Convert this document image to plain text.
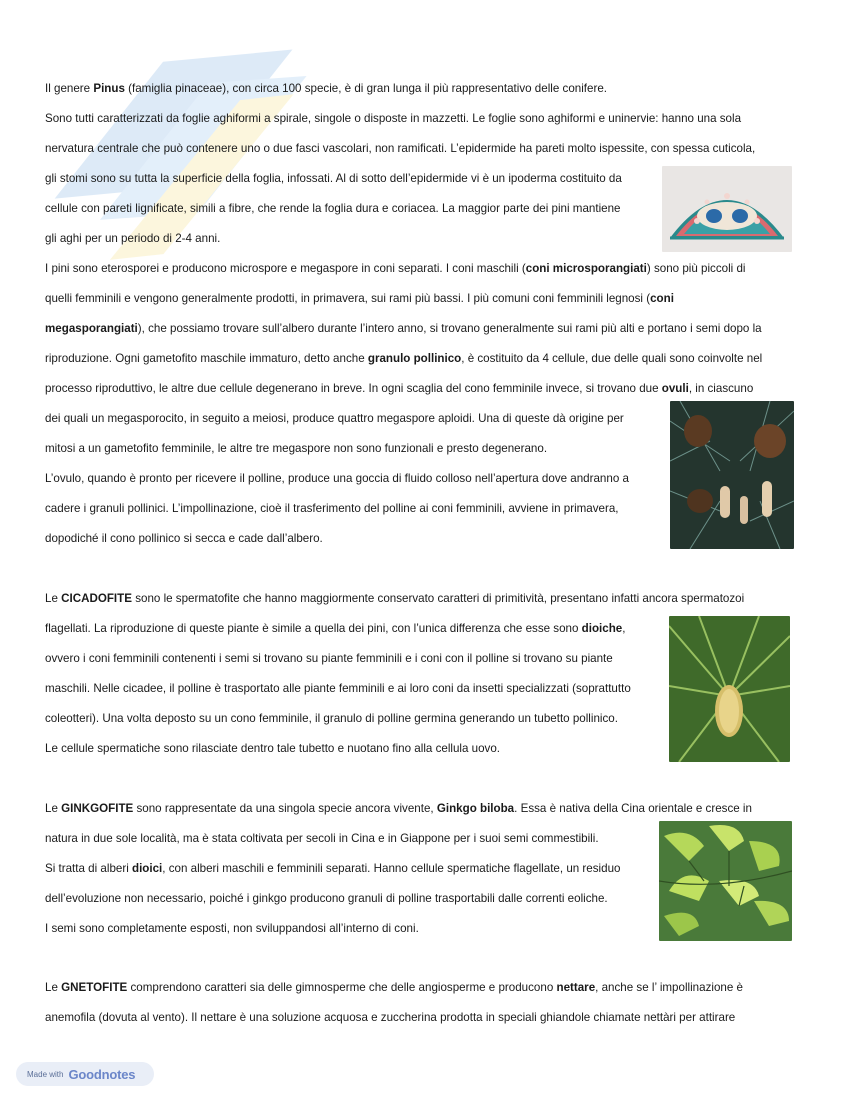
Il genere Pinus (famiglia pinaceae), con circa 100 specie, è di gran lunga il più rappresentativo delle conifere.
Sono tutti caratterizzati da foglie aghiformi a spirale, singole o disposte in mazzetti. Le foglie sono aghiformi e uninervie: hanno una sola
nervatura centrale che può contenere uno o due fasci vascolari, non ramificati. L’epidermide ha pareti molto ispessite, con spessa cuticola,
gli stomi sono su tutta la superficie della foglia, infossati. Al di sotto dell’epidermide vi è un ipoderma costituito da
cellule con pareti lignificate, simili a fibre, che rende la foglia dura e coriacea. La maggior parte dei pini mantiene
gli aghi per un periodo di 2-4 anni.
I pini sono eterosporei e producono microspore e megaspore in coni separati. I coni maschili (coni microsporangiati) sono più piccoli di
quelli femminili e vengono generalmente prodotti, in primavera, sui rami più bassi. I più comuni coni femminili legnosi (coni
megasporangiati), che possiamo trovare sull’albero durante l’intero anno, si trovano generalmente sui rami più alti e portano i semi dopo la
riproduzione. Ogni gametofito maschile immaturo, detto anche granulo pollinico, è costituito da 4 cellule, due delle quali sono coinvolte nel
processo riproduttivo, le altre due cellule degenerano in breve. In ogni scaglia del cono femminile invece, si trovano due ovuli, in ciascuno
dei quali un megasporocito, in seguito a meiosi, produce quattro megaspore aploidi. Una di queste dà origine per
mitosi a un gametofito femminile, le altre tre megaspore non sono funzionali e presto degenerano.
L’ovulo, quando è pronto per ricevere il polline, produce una goccia di fluido colloso nell’apertura dove andranno a
cadere i granuli pollinici. L’impollinazione, cioè il trasferimento del polline ai coni femminili, avviene in primavera,
dopodiché il cono pollinico si secca e cade dall’albero.
Le CICADOFITE sono le spermatofite che hanno maggiormente conservato caratteri di primitività, presentano infatti ancora spermatozoi
flagellati. La riproduzione di queste piante è simile a quella dei pini, con l’unica differenza che esse sono dioiche,
ovvero i coni femminili contenenti i semi si trovano su piante femminili e i coni con il polline si trovano su piante
maschili. Nelle cicadee, il polline è trasportato alle piante femminili e ai loro coni da insetti specializzati (soprattutto
coleotteri). Una volta deposto su un cono femminile, il granulo di polline germina generando un tubetto pollinico.
Le cellule spermatiche sono rilasciate dentro tale tubetto e nuotano fino alla cellula uovo.
Le GINKGOFITE sono rappresentate da una singola specie ancora vivente, Ginkgo biloba. Essa è nativa della Cina orientale e cresce in
natura in due sole località, ma è stata coltivata per secoli in Cina e in Giappone per i suoi semi commestibili.
Si tratta di alberi dioici, con alberi maschili e femminili separati. Hanno cellule spermatiche flagellate, un residuo
dell’evoluzione non necessario, poiché i ginkgo producono granuli di polline trasportabili dalle correnti eoliche.
I semi sono completamente esposti, non sviluppandosi all’interno di coni.
Le GNETOFITE comprendono caratteri sia delle gimnosperme che delle angiosperme e producono nettare, anche se l’ impollinazione è
anemofila (dovuta al vento). Il nettare è una soluzione acquosa e zuccherina prodotta in speciali ghiandole chiamate nettàri per attirare
Made with Goodnotes
